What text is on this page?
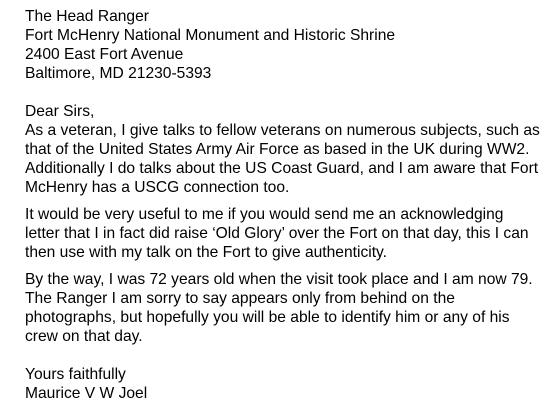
The Head Ranger
Fort McHenry National Monument and Historic Shrine
2400 East Fort Avenue
Baltimore, MD 21230-5393
Dear Sirs,
As a veteran, I give talks to fellow veterans on numerous subjects, such as
that of the United States Army Air Force as based in the UK during WW2.
Additionally I do talks about the US Coast Guard, and I am aware that Fort
McHenry has a USCG connection too.
It would be very useful to me if you would send me an acknowledging
letter that I in fact did raise ‘Old Glory’ over the Fort on that day, this I can
then use with my talk on the Fort to give authenticity.
By the way, I was 72 years old when the visit took place and I am now 79.
The Ranger I am sorry to say appears only from behind on the
photographs, but hopefully you will be able to identify him or any of his
crew on that day.
Yours faithfully
Maurice V W Joel
